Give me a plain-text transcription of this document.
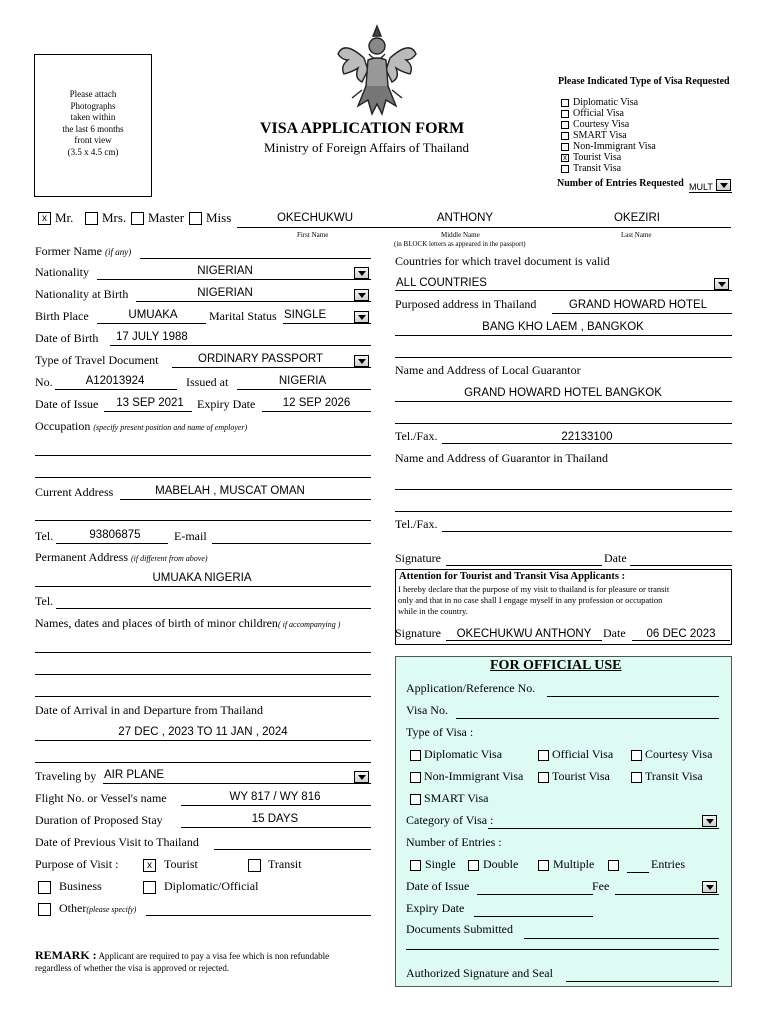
Please attach
Photographs
taken within
the last 6 months
front view
(3.5 x 4.5 cm)
VISA APPLICATION FORM
Ministry of Foreign Affairs of Thailand
Please Indicated Type of Visa Requested
Diplomatic Visa
Official Visa
Courtesy Visa
SMART Visa
Non-Immigrant Visa
x Tourist Visa
Transit Visa
Number of Entries Requested MULT
x Mr. Mrs. Master Miss	OKECHUKWU	ANTHONY	OKEZIRI
First Name	Middle Name	Last Name
(in BLOCK letters as appeared in the passport)
Former Name (if any)
Nationality	NIGERIAN
Nationality at Birth	NIGERIAN
Birth Place	UMUAKA	Marital Status SINGLE
Date of Birth 17 JULY 1988
Type of Travel Document	ORDINARY PASSPORT
No.	A12013924	Issued at	NIGERIA
Date of Issue	13 SEP 2021	Expiry Date	12 SEP 2026
Occupation (specify present position and name of employer)
Current Address	MABELAH , MUSCAT OMAN
Tel.	93806875	E-mail
Permanent Address (if different from above)
UMUAKA NIGERIA
Tel.
Names, dates and places of birth of minor children( if accompanying )
Date of Arrival in and Departure from Thailand
27 DEC , 2023 TO 11 JAN , 2024
Traveling by AIR PLANE
Flight No. or Vessel's name	WY 817 / WY 816
Duration of Proposed Stay	15 DAYS
Date of Previous Visit to Thailand
Purpose of Visit :	x	Tourist	Transit
Business	Diplomatic/Official
Other(please specify)
REMARK : Applicant are required to pay a visa fee which is non refundable
regardless of whether the visa is approved or rejected.
Countries for which travel document is valid
ALL COUNTRIES
Purposed address in Thailand	GRAND HOWARD HOTEL
BANG KHO LAEM , BANGKOK
Name and Address of Local Guarantor
GRAND HOWARD HOTEL BANGKOK
Tel./Fax.	22133100
Name and Address of Guarantor in Thailand
Tel./Fax.
Signature	Date
Attention for Tourist and Transit Visa Applicants :
I hereby declare that the purpose of my visit to thailand is for pleasure or transit
only and that in no case shall I engage myself in any profession or occupation
while in the country.
Signature	OKECHUKWU ANTHONY Date	06 DEC 2023
FOR OFFICIAL USE
Application/Reference No.
Visa No.
Type of Visa :
Diplomatic Visa	Official Visa	Courtesy Visa
Non-Immigrant Visa Tourist Visa	Transit Visa
SMART Visa
Category of Visa :
Number of Entries :
Single Double	Multiple	Entries
Date of Issue	Fee
Expiry Date
Documents Submitted
Authorized Signature and Seal
